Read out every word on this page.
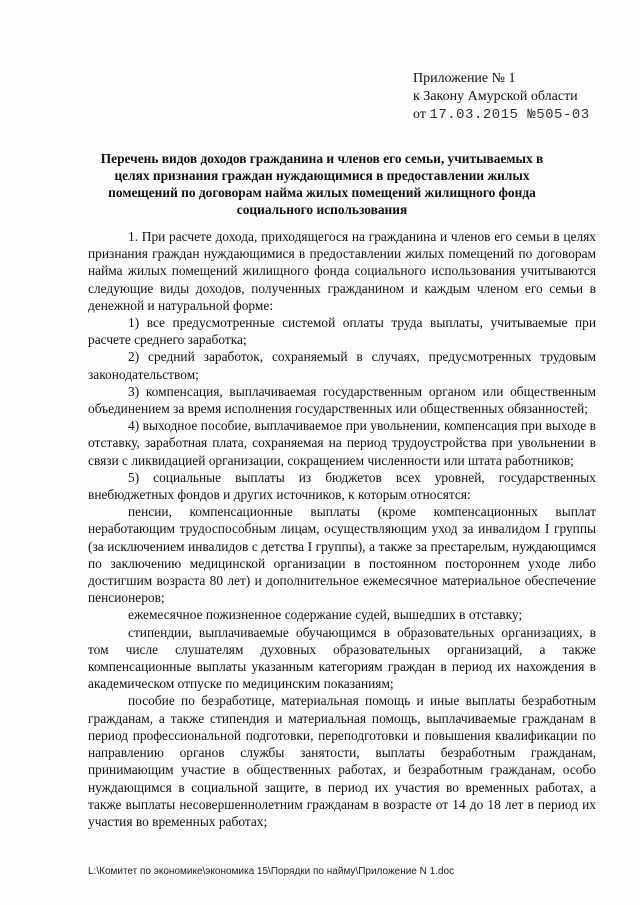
Приложение № 1
к Закону Амурской области
от 17.03.2015 №505-03
Перечень видов доходов гражданина и членов его семьи, учитываемых в целях признания граждан нуждающимися в предоставлении жилых помещений по договорам найма жилых помещений жилищного фонда социального использования

1. При расчете дохода, приходящегося на гражданина и членов его семьи в целях признания граждан нуждающимися в предоставлении жилых помещений по договорам найма жилых помещений жилищного фонда социального использования учитываются следующие виды доходов, полученных гражданином и каждым членом его семьи в денежной и натуральной форме:

1) все предусмотренные системой оплаты труда выплаты, учитываемые при расчете среднего заработка;

2) средний заработок, сохраняемый в случаях, предусмотренных трудовым законодательством;

3) компенсация, выплачиваемая государственным органом или общественным объединением за время исполнения государственных или общественных обязанностей;

4) выходное пособие, выплачиваемое при увольнении, компенсация при выходе в отставку, заработная плата, сохраняемая на период трудоустройства при увольнении в связи с ликвидацией организации, сокращением численности или штата работников;

5) социальные выплаты из бюджетов всех уровней, государственных внебюджетных фондов и других источников, к которым относятся:

пенсии, компенсационные выплаты (кроме компенсационных выплат неработающим трудоспособным лицам, осуществляющим уход за инвалидом I группы (за исключением инвалидов с детства I группы), а также за престарелым, нуждающимся по заключению медицинской организации в постоянном постороннем уходе либо достигшим возраста 80 лет) и дополнительное ежемесячное материальное обеспечение пенсионеров;

ежемесячное пожизненное содержание судей, вышедших в отставку;

стипендии, выплачиваемые обучающимся в образовательных организациях, в том числе слушателям духовных образовательных организаций, а также компенсационные выплаты указанным категориям граждан в период их нахождения в академическом отпуске по медицинским показаниям;

пособие по безработице, материальная помощь и иные выплаты безработным гражданам, а также стипендия и материальная помощь, выплачиваемые гражданам в период профессиональной подготовки, переподготовки и повышения квалификации по направлению органов службы занятости, выплаты безработным гражданам, принимающим участие в общественных работах, и безработным гражданам, особо нуждающимся в социальной защите, в период их участия во временных работах, а также выплаты несовершеннолетним гражданам в возрасте от 14 до 18 лет в период их участия во временных работах;

L:\Комитет по экономике\экономика 15\Порядки по найму\Приложение N 1.doc
